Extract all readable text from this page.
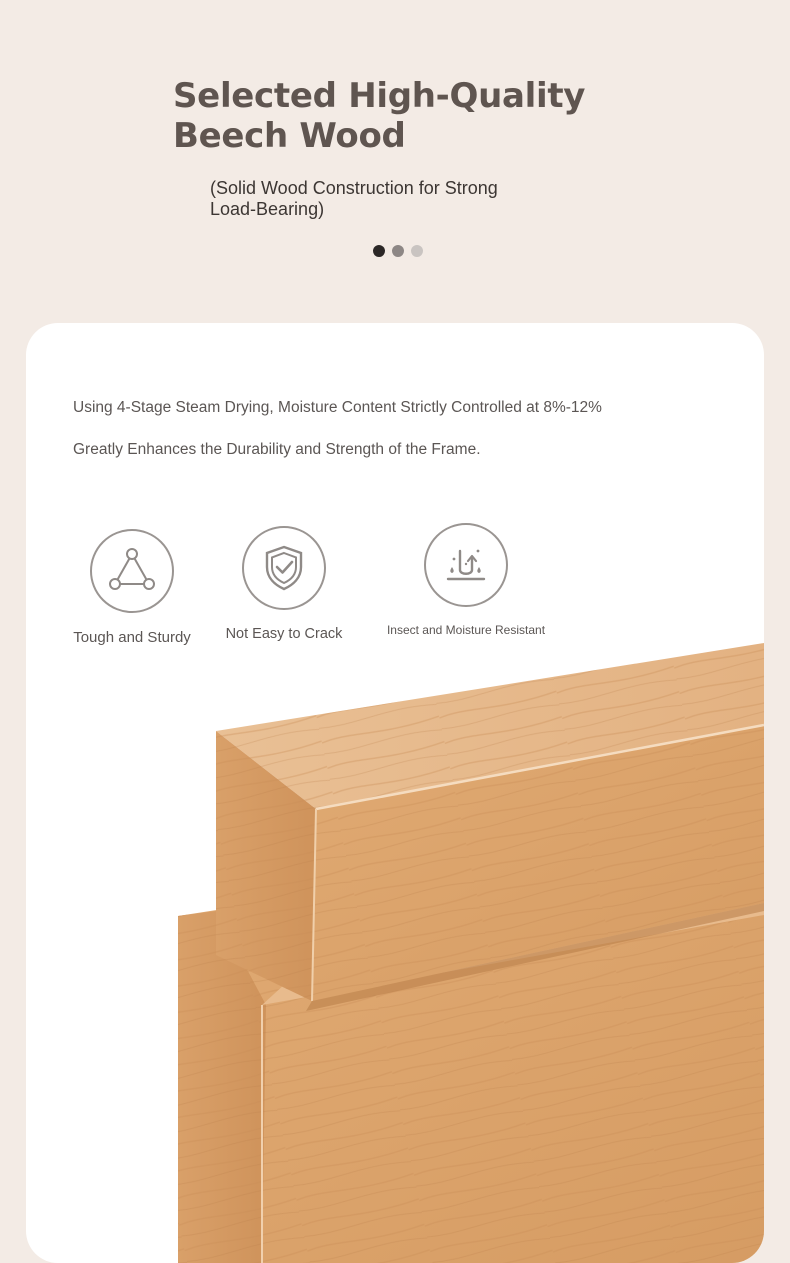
Selected High-Quality
Beech Wood

(Solid Wood Construction for Strong
Load-Bearing)

Using 4-Stage Steam Drying, Moisture Content Strictly Controlled at 8%-12%

Greatly Enhances the Durability and Strength of the Frame.

Tough and Sturdy Not Easy to Crack	Insect and Moisture Resistant
